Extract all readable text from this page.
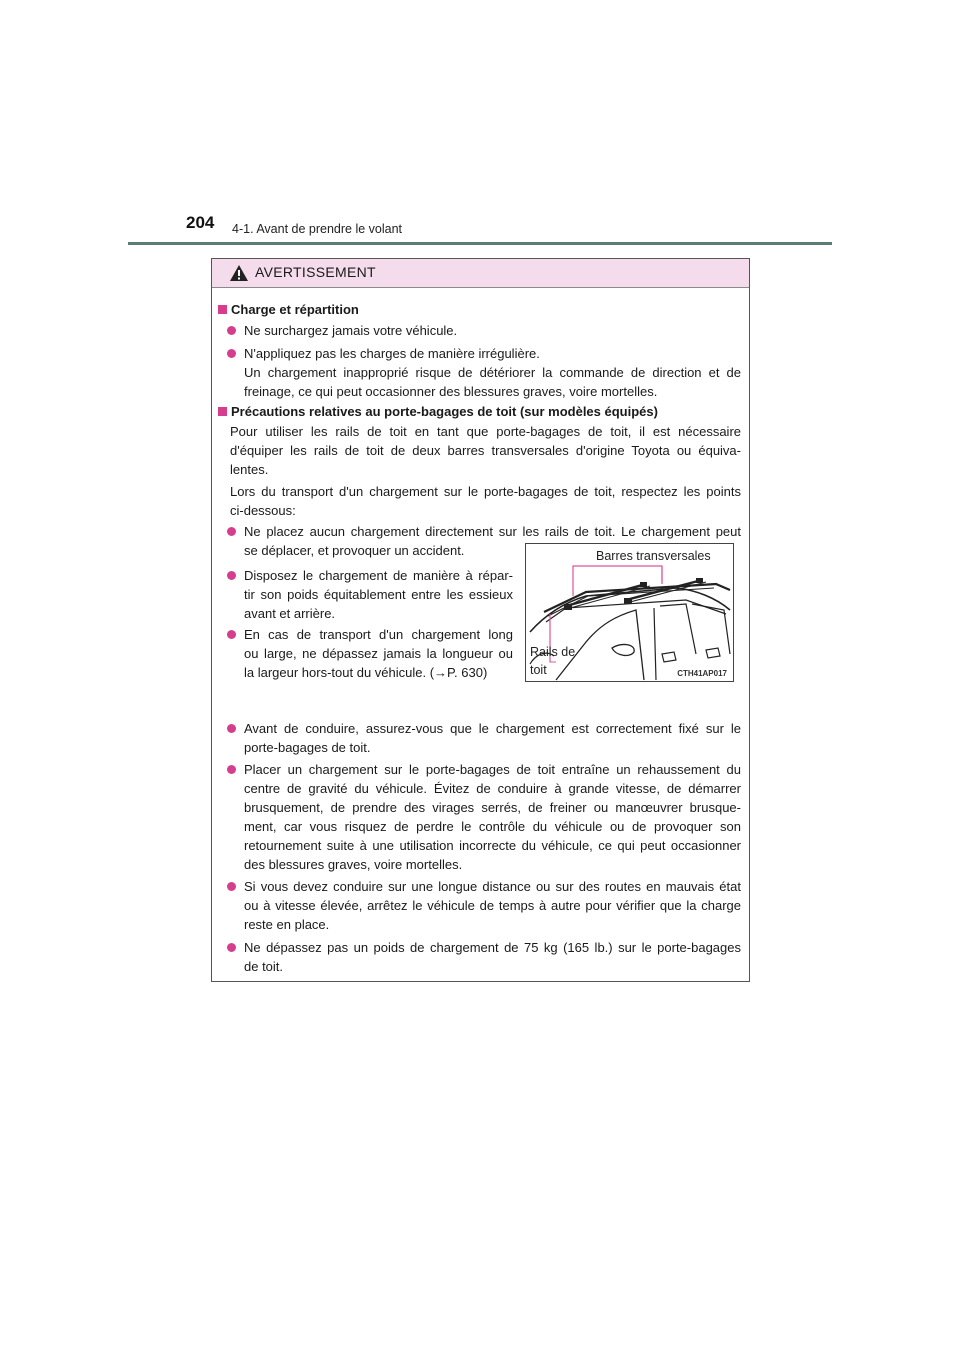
204 4-1. Avant de prendre le volant
AVERTISSEMENT
Charge et répartition
Ne surchargez jamais votre véhicule.
N'appliquez pas les charges de manière irrégulière.
Un chargement inapproprié risque de détériorer la commande de direction et de
freinage, ce qui peut occasionner des blessures graves, voire mortelles.
Précautions relatives au porte-bagages de toit (sur modèles équipés)
Pour utiliser les rails de toit en tant que porte-bagages de toit, il est nécessaire
d'équiper les rails de toit de deux barres transversales d'origine Toyota ou équiva-
lentes.
Lors du transport d'un chargement sur le porte-bagages de toit, respectez les points
ci-dessous:
Ne placez aucun chargement directement sur les rails de toit. Le chargement peut
se déplacer, et provoquer un accident.
Disposez le chargement de manière à répar-
tir son poids équitablement entre les essieux
avant et arrière.
En cas de transport d'un chargement long
ou large, ne dépassez jamais la longueur ou
la largeur hors-tout du véhicule. (→P. 630)
Avant de conduire, assurez-vous que le chargement est correctement fixé sur le
porte-bagages de toit.
Placer un chargement sur le porte-bagages de toit entraîne un rehaussement du
centre de gravité du véhicule. Évitez de conduire à grande vitesse, de démarrer
brusquement, de prendre des virages serrés, de freiner ou manœuvrer brusque-
ment, car vous risquez de perdre le contrôle du véhicule ou de provoquer son
retournement suite à une utilisation incorrecte du véhicule, ce qui peut occasionner
des blessures graves, voire mortelles.
Si vous devez conduire sur une longue distance ou sur des routes en mauvais état
ou à vitesse élevée, arrêtez le véhicule de temps à autre pour vérifier que la charge
reste en place.
Ne dépassez pas un poids de chargement de 75 kg (165 lb.) sur le porte-bagages
de toit.
Barres transversales
Rails de
toit	CTH41AP017
